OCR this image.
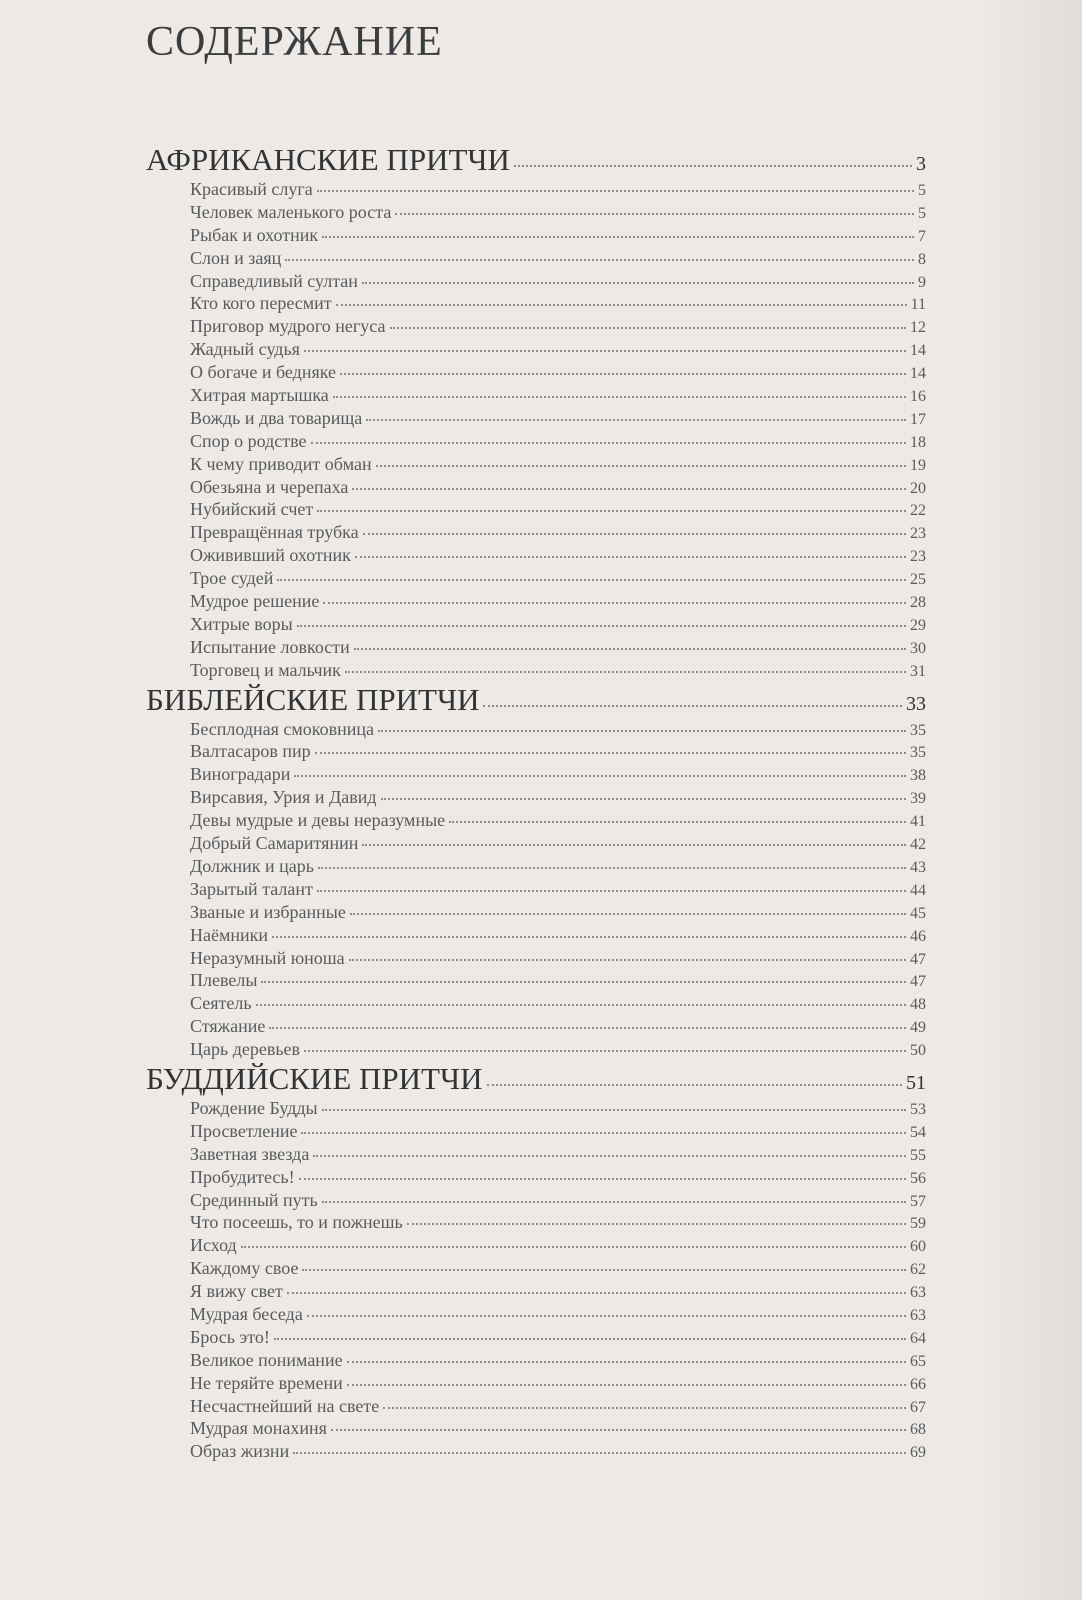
СОДЕРЖАНИЕ
АФРИКАНСКИЕ ПРИТЧИ	3
Красивый слуга	5
Человек маленького роста	5
Рыбак и охотник	7
Слон и заяц	8
Справедливый султан	9
Кто кого пересмит	11
Приговор мудрого негуса	12
Жадный судья	14
О богаче и бедняке	14
Хитрая мартышка	16
Вождь и два товарища	17
Спор о родстве	18
К чему приводит обман	19
Обезьяна и черепаха	20
Нубийский счет	22
Превращённая трубка	23
Ожививший охотник	23
Трое судей	25
Мудрое решение	28
Хитрые воры	29
Испытание ловкости	30
Торговец и мальчик	31
БИБЛЕЙСКИЕ ПРИТЧИ	33
Бесплодная смоковница	35
Валтасаров пир	35
Виноградари	38
Вирсавия, Урия и Давид	39
Девы мудрые и девы неразумные	41
Добрый Самаритянин	42
Должник и царь	43
Зарытый талант	44
Званые и избранные	45
Наёмники	46
Неразумный юноша	47
Плевелы	47
Сеятель	48
Стяжание	49
Царь деревьев	50
БУДДИЙСКИЕ ПРИТЧИ	51
Рождение Будды	53
Просветление	54
Заветная звезда	55
Пробудитесь!	56
Срединный путь	57
Что посеешь, то и пожнешь	59
Исход	60
Каждому свое	62
Я вижу свет	63
Мудрая беседа	63
Брось это!	64
Великое понимание	65
Не теряйте времени	66
Несчастнейший на свете	67
Мудрая монахиня	68
Образ жизни	69
